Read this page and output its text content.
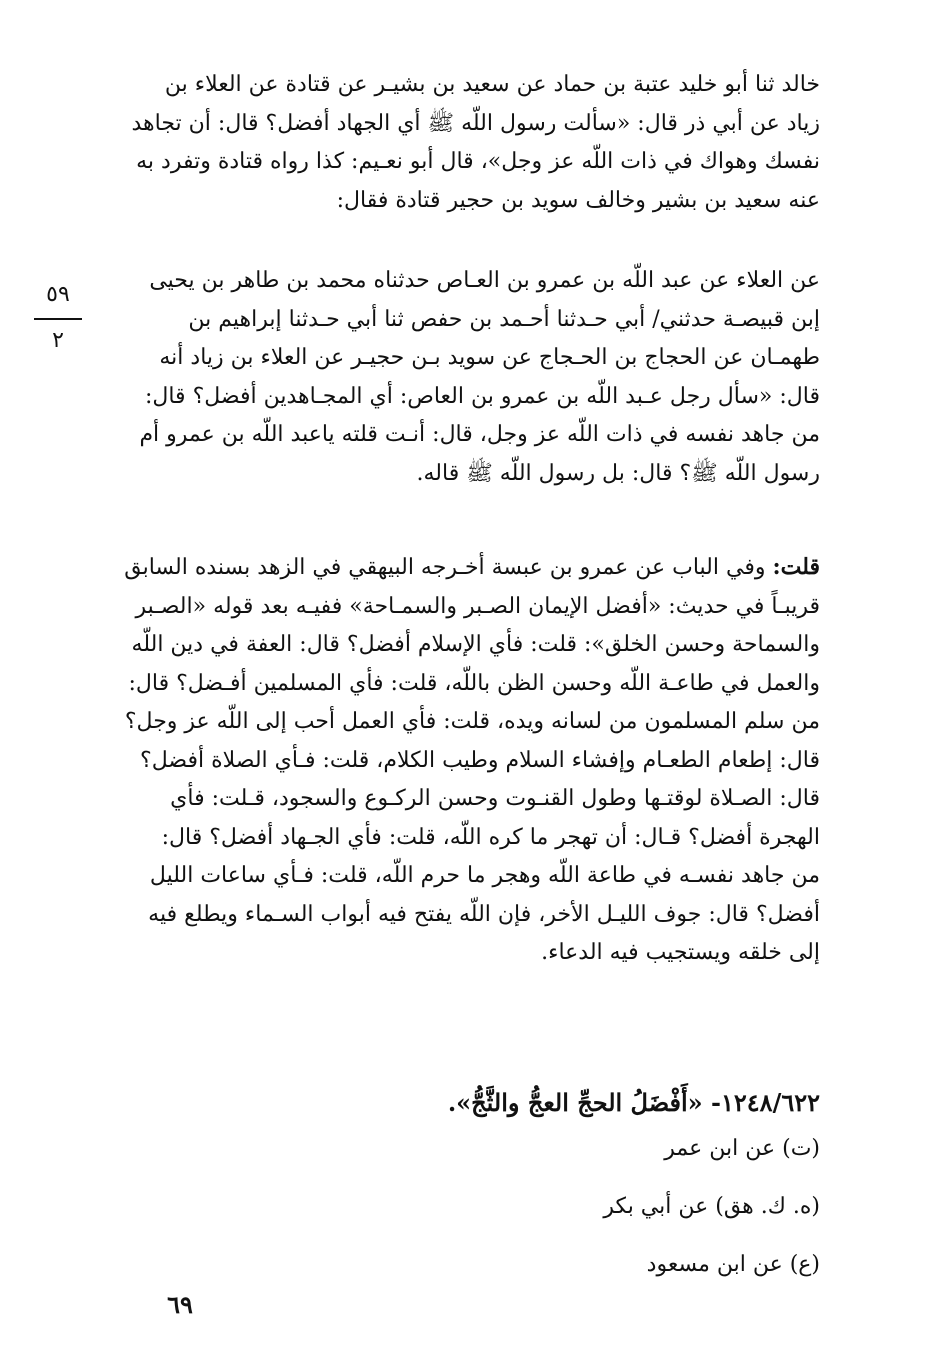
خالد ثنا أبو خليد عتبة بن حماد عن سعيد بن بشيـر عن قتادة عن العلاء بن
زياد عن أبي ذر قال: «سألت رسول اللّه ﷺ أي الجهاد أفضل؟ قال: أن تجاهد
نفسك وهواك في ذات اللّه عز وجل»، قال أبو نعـيم: كذا رواه قتادة وتفرد به
عنه سعيد بن بشير وخالف سويد بن حجير قتادة فقال:
٥٩
٢
عن العلاء عن عبد اللّه بن عمرو بن العـاص حدثناه محمد بن طاهر بن يحيى
إبن قبيصـة حدثني/ أبي حـدثنا أحـمد بن حفص ثنا أبي حـدثنا إبراهيم بن
طهمـان عن الحجاج بن الحـجاج عن سويد بـن حجيـر عن العلاء بن زياد أنه
قال: «سأل رجل عـبد اللّه بن عمرو بن العاص: أي المجـاهدين أفضل؟ قال:
من جاهد نفسه في ذات اللّه عز وجل، قال: أنـت قلته ياعبد اللّه بن عمرو أم
رسول اللّه ﷺ؟ قال: بل رسول اللّه ﷺ قاله.
قلت: وفي الباب عن عمرو بن عبسة أخـرجه البيهقي في الزهد بسنده السابق
قريبـاً في حديث: «أفضل الإيمان الصـبر والسمـاحة» ففيـه بعد قوله «الصـبر
والسماحة وحسن الخلق»: قلت: فأي الإسلام أفضل؟ قال: العفة في دين اللّه
والعمل في طاعـة اللّه وحسن الظن باللّه، قلت: فأي المسلمين أفـضل؟ قال:
من سلم المسلمون من لسانه ويده، قلت: فأي العمل أحب إلى اللّه عز وجل؟
قال: إطعام الطعـام وإفشاء السلام وطيب الكلام، قلت: فـأي الصلاة أفضل؟
قال: الصـلاة لوقتـها وطول القنـوت وحسن الركـوع والسجود، قـلت: فأي
الهجرة أفضل؟ قـال: أن تهجر ما كره اللّه، قلت: فأي الجـهاد أفضل؟ قال:
من جاهد نفسـه في طاعة اللّه وهجر ما حرم اللّه، قلت: فـأي ساعات الليل
أفضل؟ قال: جوف الليـل الأخر، فإن اللّه يفتح فيه أبواب السـماء ويطلع فيه
إلى خلقه ويستجيب فيه الدعاء.
١٢٤٨/٦٢٢- «أَفْضَلُ الحجِّ العجُّ والثَّجُّ».
(ت) عن ابن عمر
(ه. ك. هق) عن أبي بكر
(ع) عن ابن مسعود
٦٩
